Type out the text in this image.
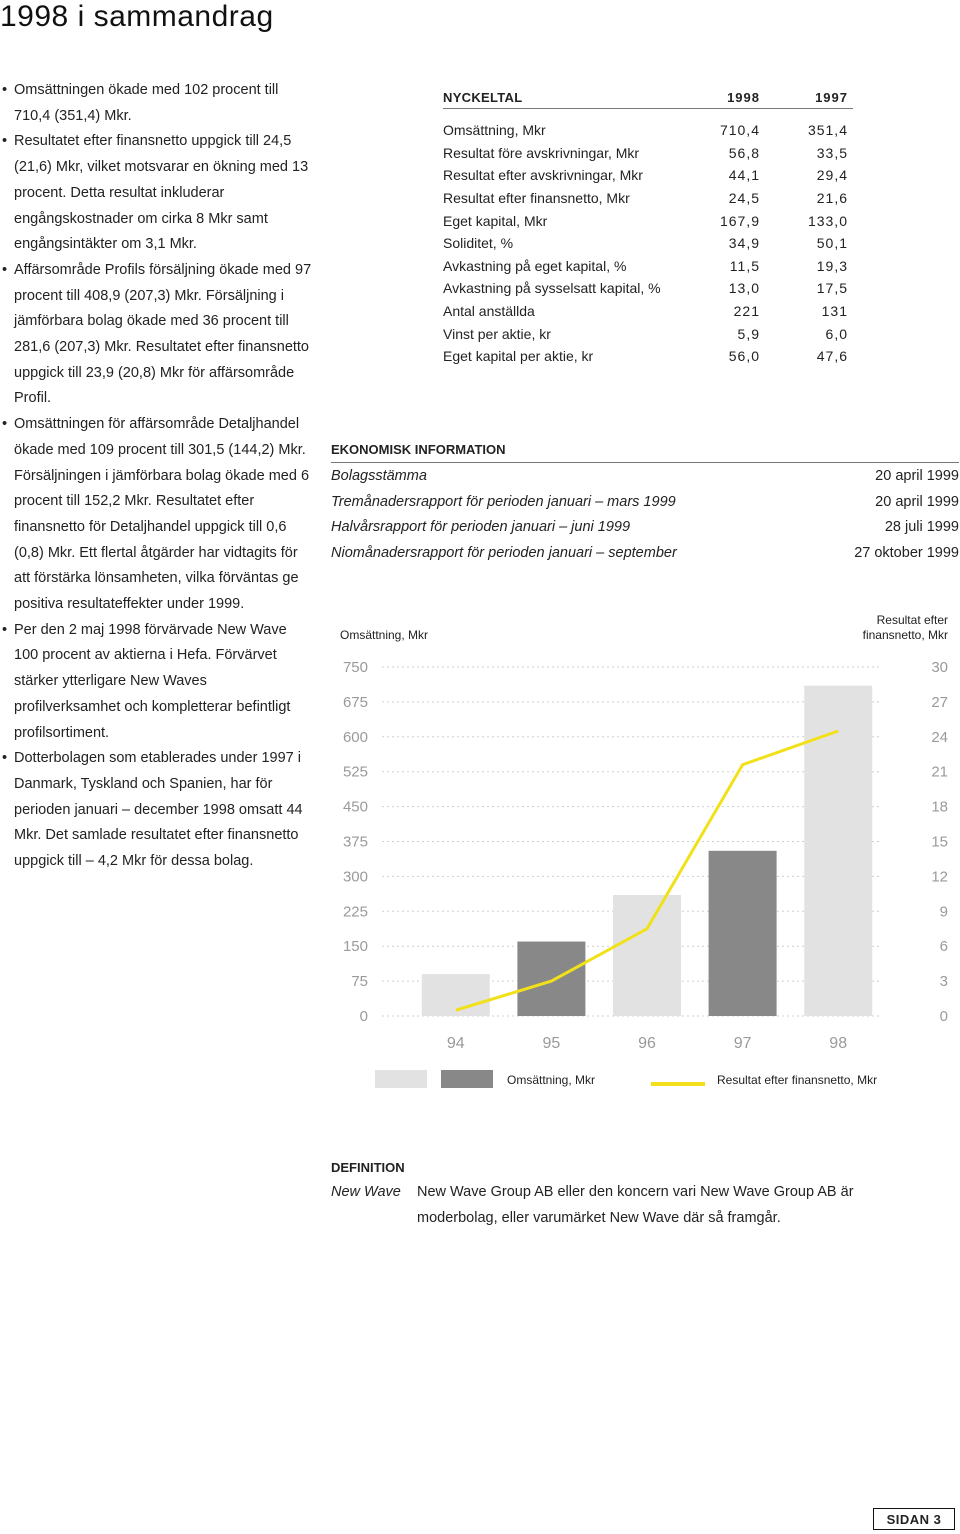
1998 i sammandrag
• Omsättningen ökade med 102 procent till 710,4 (351,4) Mkr.
• Resultatet efter finansnetto uppgick till 24,5 (21,6) Mkr, vilket motsvarar en ökning med 13 procent. Detta resultat inkluderar engångskostnader om cirka 8 Mkr samt engångsintäkter om 3,1 Mkr.
• Affärsområde Profils försäljning ökade med 97 procent till 408,9 (207,3) Mkr. Försäljning i jämförbara bolag ökade med 36 procent till 281,6 (207,3) Mkr. Resultatet efter finansnetto uppgick till 23,9 (20,8) Mkr för affärsområde Profil.
• Omsättningen för affärsområde Detaljhandel ökade med 109 procent till 301,5 (144,2) Mkr. Försäljningen i jämförbara bolag ökade med 6 procent till 152,2 Mkr. Resultatet efter finansnetto för Detaljhandel uppgick till 0,6 (0,8) Mkr. Ett flertal åtgärder har vidtagits för att förstärka lönsamheten, vilka förväntas ge positiva resultateffekter under 1999.
• Per den 2 maj 1998 förvärvade New Wave 100 procent av aktierna i Hefa. Förvärvet stärker ytterligare New Waves profilverksamhet och kompletterar befintligt profilsortiment.
• Dotterbolagen som etablerades under 1997 i Danmark, Tyskland och Spanien, har för perioden januari – december 1998 omsatt 44 Mkr. Det samlade resultatet efter finansnetto uppgick till – 4,2 Mkr för dessa bolag.
NYCKELTAL	1998	1997
Omsättning, Mkr	710,4	351,4
Resultat före avskrivningar, Mkr	56,8	33,5
Resultat efter avskrivningar, Mkr	44,1	29,4
Resultat efter finansnetto, Mkr	24,5	21,6
Eget kapital, Mkr	167,9	133,0
Soliditet, %	34,9	50,1
Avkastning på eget kapital, %	11,5	19,3
Avkastning på sysselsatt kapital, %	13,0	17,5
Antal anställda	221	131
Vinst per aktie, kr	5,9	6,0
Eget kapital per aktie, kr	56,0	47,6
EKONOMISK INFORMATION
Bolagsstämma	20 april 1999
Tremånadersrapport för perioden januari – mars 1999	20 april 1999
Halvårsrapport för perioden januari – juni 1999	28 juli 1999
Niomånadersrapport för perioden januari – september	27 oktober 1999
0
75
150
225
300
375
450
525
600
675
750
0
3
6
9
12
15
18
21
24
27
30
94	95	96	97	98
Omsättning, Mkr
Resultat efter
finansnetto, Mkr
Omsättning, Mkr	Resultat efter finansnetto, Mkr
DEFINITION
New Wave	New Wave Group AB eller den koncern vari New Wave Group AB är moderbolag, eller varumärket New Wave där så framgår.
SIDAN 3
